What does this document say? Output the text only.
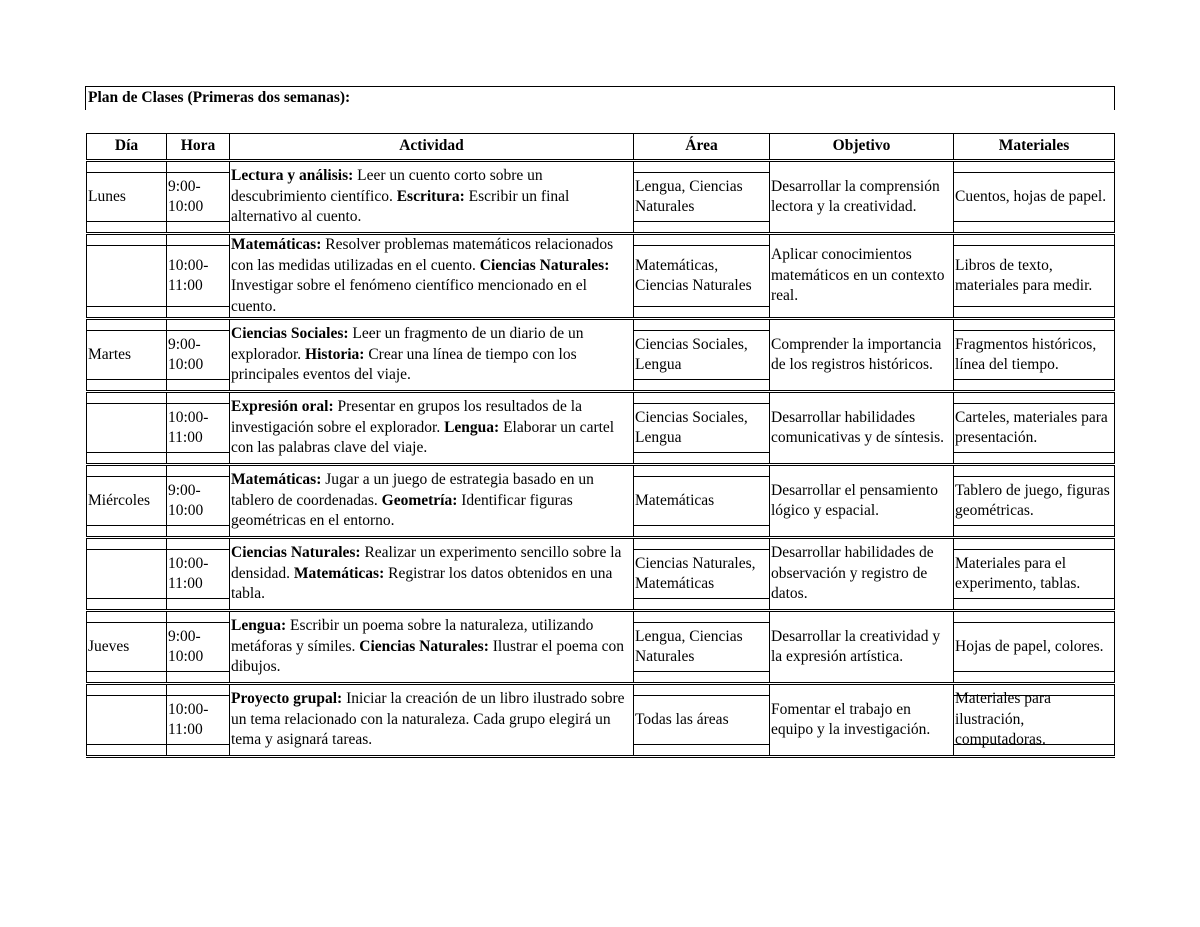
Plan de Clases (Primeras dos semanas):
Día	Hora	Actividad	Área	Objetivo	Materiales

Lunes	9:00-10:00	Lectura y análisis: Leer un cuento corto sobre un descubrimiento científico. Escritura: Escribir un final alternativo al cuento.	Lengua, Ciencias Naturales	Desarrollar la comprensión lectora y la creatividad.	Cuentos, hojas de papel.

	10:00-11:00	Matemáticas: Resolver problemas matemáticos relacionados con las medidas utilizadas en el cuento. Ciencias Naturales: Investigar sobre el fenómeno científico mencionado en el cuento.	Matemáticas, Ciencias Naturales	Aplicar conocimientos matemáticos en un contexto real.	Libros de texto, materiales para medir.

Martes	9:00-10:00	Ciencias Sociales: Leer un fragmento de un diario de un explorador. Historia: Crear una línea de tiempo con los principales eventos del viaje.	Ciencias Sociales, Lengua	Comprender la importancia de los registros históricos.	Fragmentos históricos, línea del tiempo.

	10:00-11:00	Expresión oral: Presentar en grupos los resultados de la investigación sobre el explorador. Lengua: Elaborar un cartel con las palabras clave del viaje.	Ciencias Sociales, Lengua	Desarrollar habilidades comunicativas y de síntesis.	Carteles, materiales para presentación.

Miércoles	9:00-10:00	Matemáticas: Jugar a un juego de estrategia basado en un tablero de coordenadas. Geometría: Identificar figuras geométricas en el entorno.	Matemáticas	Desarrollar el pensamiento lógico y espacial.	Tablero de juego, figuras geométricas.

	10:00-11:00	Ciencias Naturales: Realizar un experimento sencillo sobre la densidad. Matemáticas: Registrar los datos obtenidos en una tabla.	Ciencias Naturales, Matemáticas	Desarrollar habilidades de observación y registro de datos.	Materiales para el experimento, tablas.

Jueves	9:00-10:00	Lengua: Escribir un poema sobre la naturaleza, utilizando metáforas y símiles. Ciencias Naturales: Ilustrar el poema con dibujos.	Lengua, Ciencias Naturales	Desarrollar la creatividad y la expresión artística.	Hojas de papel, colores.

	10:00-11:00	Proyecto grupal: Iniciar la creación de un libro ilustrado sobre un tema relacionado con la naturaleza. Cada grupo elegirá un tema y asignará tareas.	Todas las áreas	Fomentar el trabajo en equipo y la investigación.	Materiales para ilustración, computadoras.
